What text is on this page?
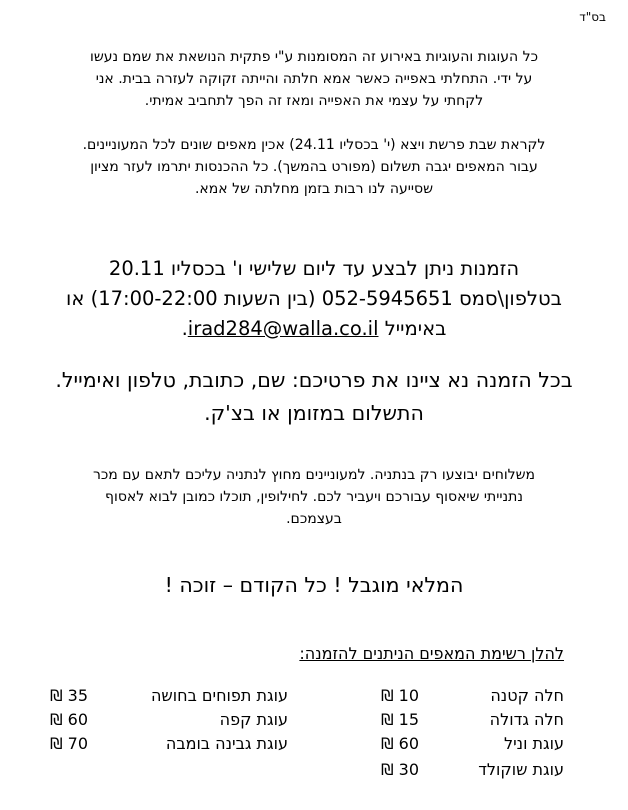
בס"ד
כל העוגות והעוגיות באירוע זה המסומנות ע"י פתקית הנושאת את שמם נעשו
על ידי. התחלתי באפייה כאשר אמא חלתה והייתה זקוקה לעזרה בבית. אני
לקחתי על עצמי את האפייה ומאז זה הפך לתחביב אמיתי.
לקראת שבת פרשת ויצא (י' בכסליו 24.11) אכין מאפים שונים לכל המעוניינים.
עבור המאפים יגבה תשלום (מפורט בהמשך). כל ההכנסות יתרמו לעזר מציון
שסייעה לנו רבות בזמן מחלתה של אמא.
הזמנות ניתן לבצע עד ליום שלישי ו' בכסליו 20.11
בטלפון\סמס 052-5945651 (בין השעות 17:00-22:00) או
באימייל irad284@walla.co.il.
בכל הזמנה נא ציינו את פרטיכם: שם, כתובת, טלפון ואימייל.
התשלום במזומן או בצ'ק.
משלוחים יבוצעו רק בנתניה. למעוניינים מחוץ לנתניה עליכם לתאם עם מכר
נתנייתי שיאסוף עבורכם ויעביר לכם. לחילופין, תוכלו כמובן לבוא לאסוף
בעצמכם.
המלאי מוגבל ! כל הקודם – זוכה !
להלן רשימת המאפים הניתנים להזמנה:
חלה קטנה
10 ₪
חלה גדולה
15 ₪
עוגת וניל
60 ₪
עוגת שוקולד
30 ₪
עוגת תפוחים בחושה
35 ₪
עוגת קפה
60 ₪
עוגת גבינה בומבה
70 ₪
